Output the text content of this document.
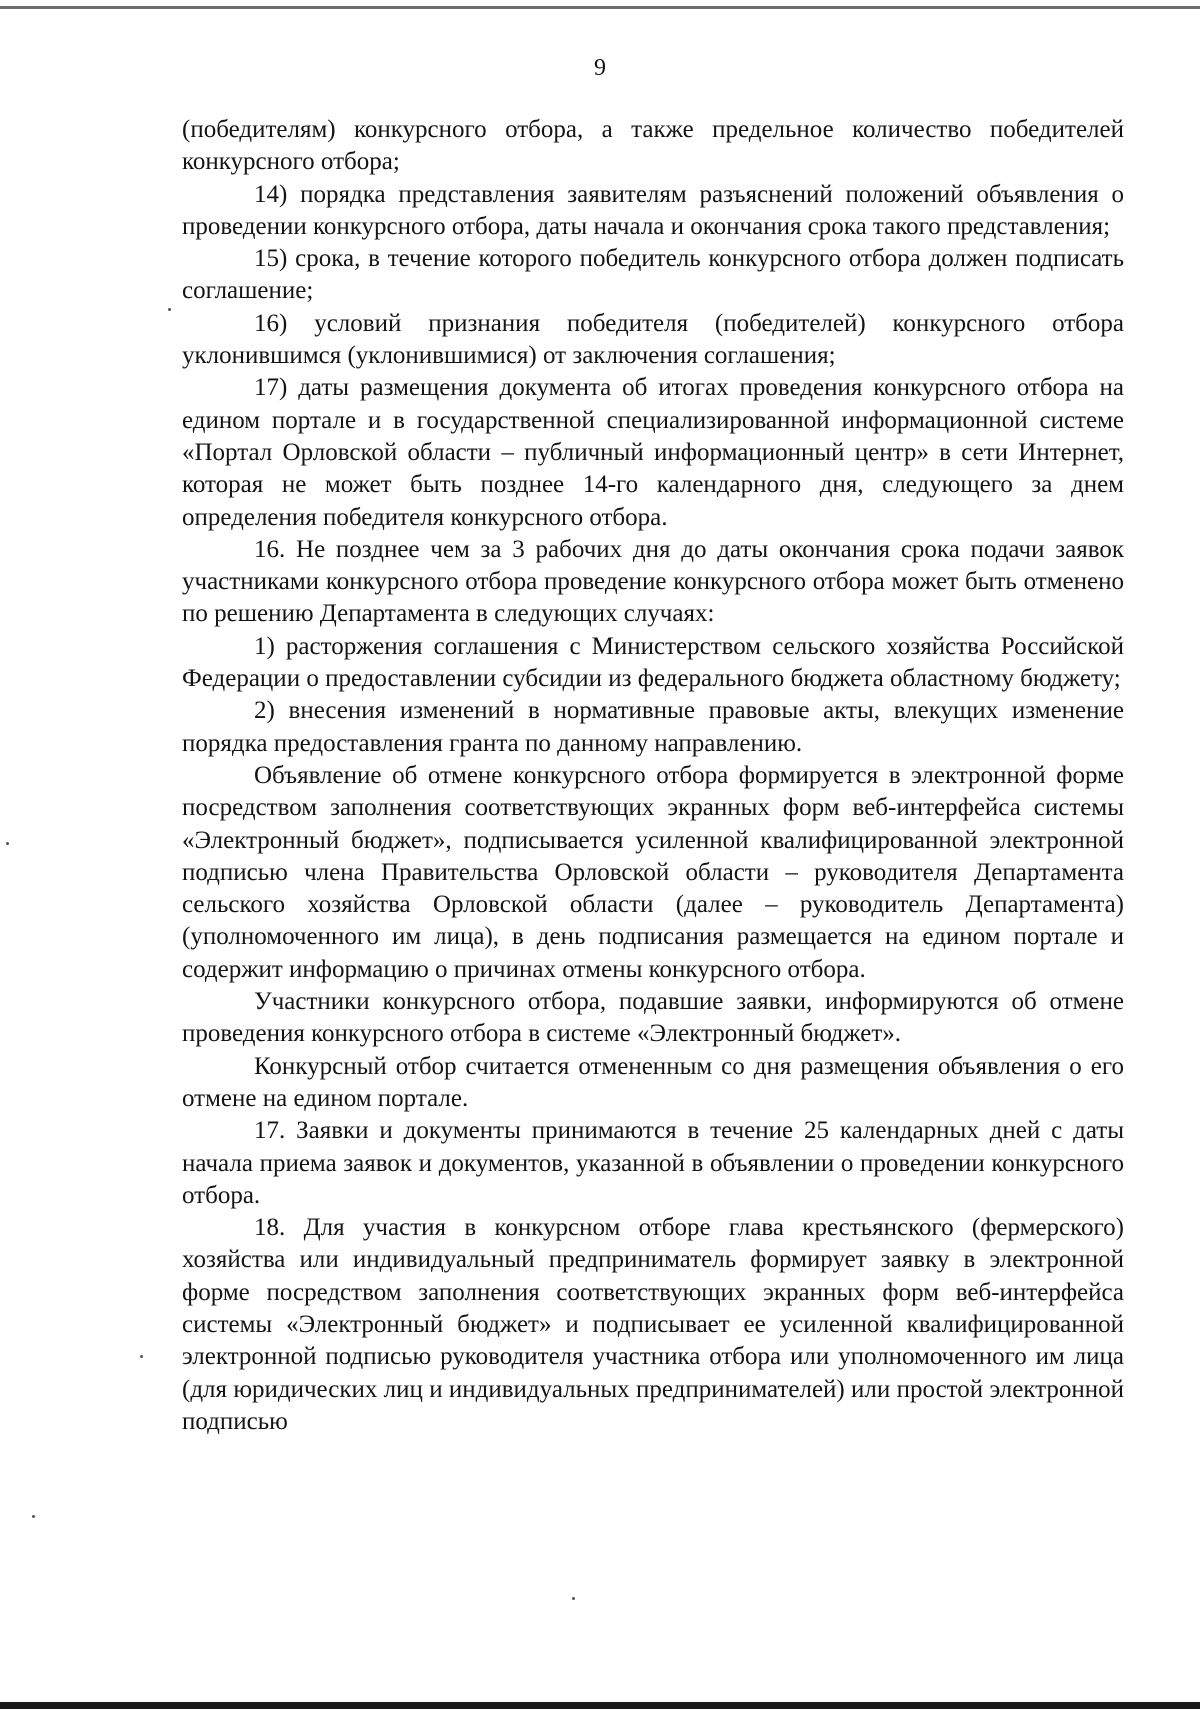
9

(победителям) конкурсного отбора, а также предельное количество победителей конкурсного отбора;

14) порядка представления заявителям разъяснений положений объявления о проведении конкурсного отбора, даты начала и окончания срока такого представления;

15) срока, в течение которого победитель конкурсного отбора должен подписать соглашение;

16) условий признания победителя (победителей) конкурсного отбора уклонившимся (уклонившимися) от заключения соглашения;

17) даты размещения документа об итогах проведения конкурсного отбора на едином портале и в государственной специализированной информационной системе «Портал Орловской области – публичный информационный центр» в сети Интернет, которая не может быть позднее 14-го календарного дня, следующего за днем определения победителя конкурсного отбора.

16. Не позднее чем за 3 рабочих дня до даты окончания срока подачи заявок участниками конкурсного отбора проведение конкурсного отбора может быть отменено по решению Департамента в следующих случаях:

1) расторжения соглашения с Министерством сельского хозяйства Российской Федерации о предоставлении субсидии из федерального бюджета областному бюджету;

2) внесения изменений в нормативные правовые акты, влекущих изменение порядка предоставления гранта по данному направлению.

Объявление об отмене конкурсного отбора формируется в электронной форме посредством заполнения соответствующих экранных форм веб-интерфейса системы «Электронный бюджет», подписывается усиленной квалифицированной электронной подписью члена Правительства Орловской области – руководителя Департамента сельского хозяйства Орловской области (далее – руководитель Департамента) (уполномоченного им лица), в день подписания размещается на едином портале и содержит информацию о причинах отмены конкурсного отбора.

Участники конкурсного отбора, подавшие заявки, информируются об отмене проведения конкурсного отбора в системе «Электронный бюджет».

Конкурсный отбор считается отмененным со дня размещения объявления о его отмене на едином портале.

17. Заявки и документы принимаются в течение 25 календарных дней с даты начала приема заявок и документов, указанной в объявлении о проведении конкурсного отбора.

18. Для участия в конкурсном отборе глава крестьянского (фермерского) хозяйства или индивидуальный предприниматель формирует заявку в электронной форме посредством заполнения соответствующих экранных форм веб-интерфейса системы «Электронный бюджет» и подписывает ее усиленной квалифицированной электронной подписью руководителя участника отбора или уполномоченного им лица (для юридических лиц и индивидуальных предпринимателей) или простой электронной подписью
